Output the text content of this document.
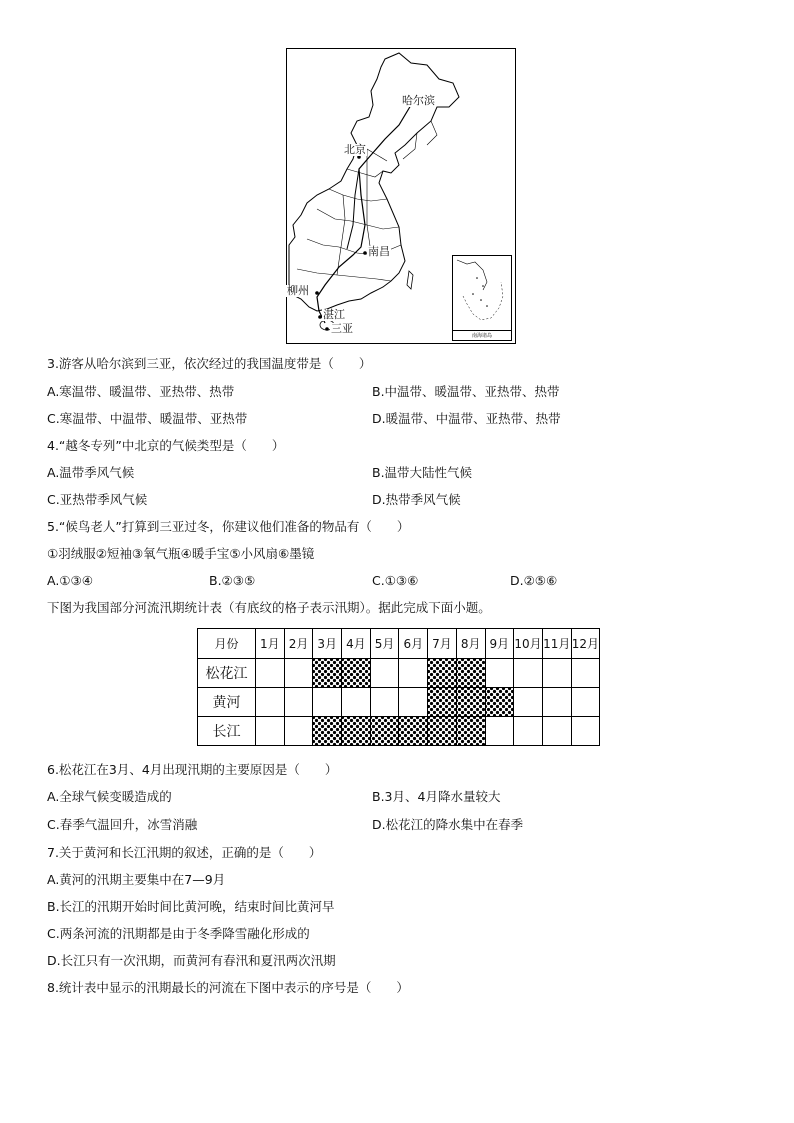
哈尔滨
北京
南昌
柳州
湛江
三亚
南海诸岛
3.游客从哈尔滨到三亚，依次经过的我国温度带是（　　）
A.寒温带、暖温带、亚热带、热带	B.中温带、暖温带、亚热带、热带
C.寒温带、中温带、暖温带、亚热带	D.暖温带、中温带、亚热带、热带
4.“越冬专列”中北京的气候类型是（　　）
A.温带季风气候	B.温带大陆性气候
C.亚热带季风气候	D.热带季风气候
5.“候鸟老人”打算到三亚过冬，你建议他们准备的物品有（　　）
①羽绒服②短袖③氧气瓶④暖手宝⑤小风扇⑥墨镜
A.①③④	B.②③⑤	C.①③⑥	D.②⑤⑥
下图为我国部分河流汛期统计表（有底纹的格子表示汛期）。据此完成下面小题。
月份	1月	2月	3月	4月	5月	6月	7月	8月	9月	10月	11月	12月
松花江												
黄河												
长江												
6.松花江在3月、4月出现汛期的主要原因是（　　）
A.全球气候变暖造成的	B.3月、4月降水量较大
C.春季气温回升，冰雪消融	D.松花江的降水集中在春季
7.关于黄河和长江汛期的叙述，正确的是（　　）
A.黄河的汛期主要集中在7—9月
B.长江的汛期开始时间比黄河晚，结束时间比黄河早
C.两条河流的汛期都是由于冬季降雪融化形成的
D.长江只有一次汛期，而黄河有春汛和夏汛两次汛期
8.统计表中显示的汛期最长的河流在下图中表示的序号是（　　）
